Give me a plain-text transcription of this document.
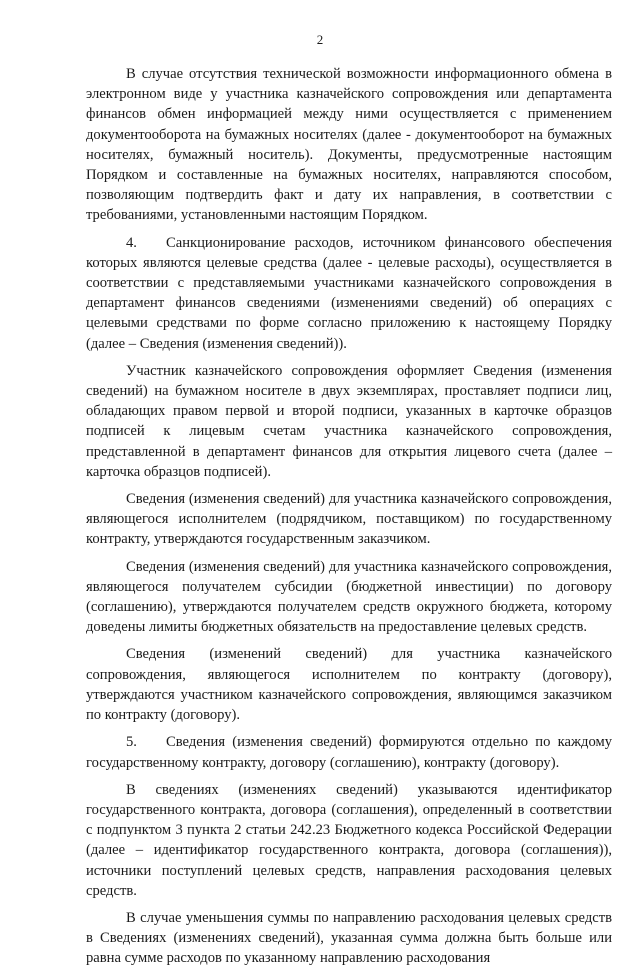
2

В случае отсутствия технической возможности информационного обмена в электронном виде у участника казначейского сопровождения или департамента финансов обмен информацией между ними осуществляется с применением документооборота на бумажных носителях (далее - документооборот на бумажных носителях, бумажный носитель). Документы, предусмотренные настоящим Порядком и составленные на бумажных носителях, направляются способом, позволяющим подтвердить факт и дату их направления, в соответствии с требованиями, установленными настоящим Порядком.

4. Санкционирование расходов, источником финансового обеспечения которых являются целевые средства (далее - целевые расходы), осуществляется в соответствии с представляемыми участниками казначейского сопровождения в департамент финансов сведениями (изменениями сведений) об операциях с целевыми средствами по форме согласно приложению к настоящему Порядку (далее – Сведения (изменения сведений)).

Участник казначейского сопровождения оформляет Сведения (изменения сведений) на бумажном носителе в двух экземплярах, проставляет подписи лиц, обладающих правом первой и второй подписи, указанных в карточке образцов подписей к лицевым счетам участника казначейского сопровождения, представленной в департамент финансов для открытия лицевого счета (далее – карточка образцов подписей).

Сведения (изменения сведений) для участника казначейского сопровождения, являющегося исполнителем (подрядчиком, поставщиком) по государственному контракту, утверждаются государственным заказчиком.

Сведения (изменения сведений) для участника казначейского сопровождения, являющегося получателем субсидии (бюджетной инвестиции) по договору (соглашению), утверждаются получателем средств окружного бюджета, которому доведены лимиты бюджетных обязательств на предоставление целевых средств.

Сведения (изменений сведений) для участника казначейского сопровождения, являющегося исполнителем по контракту (договору), утверждаются участником казначейского сопровождения, являющимся заказчиком по контракту (договору).

5. Сведения (изменения сведений) формируются отдельно по каждому государственному контракту, договору (соглашению), контракту (договору).

В сведениях (изменениях сведений) указываются идентификатор государственного контракта, договора (соглашения), определенный в соответствии с подпунктом 3 пункта 2 статьи 242.23 Бюджетного кодекса Российской Федерации (далее – идентификатор государственного контракта, договора (соглашения)), источники поступлений целевых средств, направления расходования целевых средств.

В случае уменьшения суммы по направлению расходования целевых средств в Сведениях (изменениях сведений), указанная сумма должна быть больше или равна сумме расходов по указанному направлению расходования
